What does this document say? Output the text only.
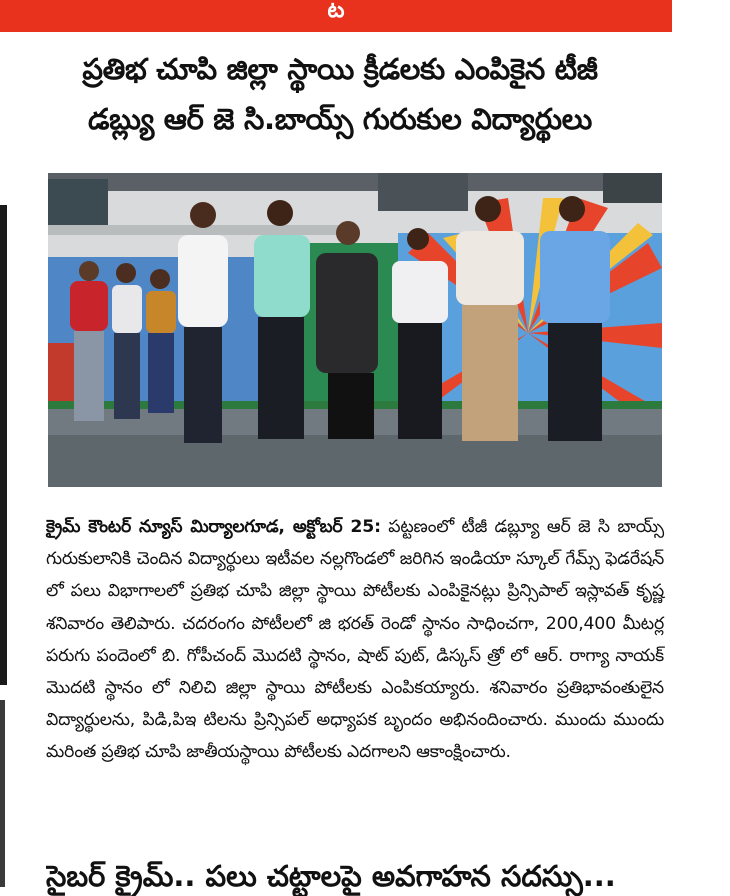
ట
ప్రతిభ చూపి జిల్లా స్థాయి క్రీడలకు ఎంపికైన టీజీ
డబ్ల్యు ఆర్ జె సి.బాయ్స్ గురుకుల విద్యార్థులు
క్రైమ్ కౌంటర్ న్యూస్ మిర్యాలగూడ, అక్టోబర్ 25: పట్టణంలో టీజీ డబ్ల్యూ ఆర్ జె సి బాయ్స్ గురుకులానికి చెందిన విద్యార్థులు ఇటీవల నల్లగొండలో జరిగిన ఇండియా స్కూల్ గేమ్స్ ఫెడరేషన్ లో పలు విభాగాలలో ప్రతిభ చూపి జిల్లా స్థాయి పోటీలకు ఎంపికైనట్లు ప్రిన్సిపాల్ ఇస్లావత్ కృష్ణ శనివారం తెలిపారు. చదరంగం పోటీలలో జి భరత్ రెండో స్థానం సాధించగా, 200,400 మీటర్ల పరుగు పందెంలో బి. గోపీచంద్ మొదటి స్థానం, షాట్ పుట్, డిస్కస్ త్రో లో ఆర్. రాగ్యా నాయక్ మొదటి స్థానం లో నిలిచి జిల్లా స్థాయి పోటీలకు ఎంపికయ్యారు. శనివారం ప్రతిభావంతులైన విద్యార్థులను, పిడి,పిఇ టిలను ప్రిన్సిపల్ అధ్యాపక బృందం అభినందించారు. ముందు ముందు మరింత ప్రతిభ చూపి జాతీయస్థాయి పోటీలకు ఎదగాలని ఆకాంక్షించారు.
సైబర్ క్రైమ్.. పలు చట్టాలపై అవగాహన సదస్సు...
